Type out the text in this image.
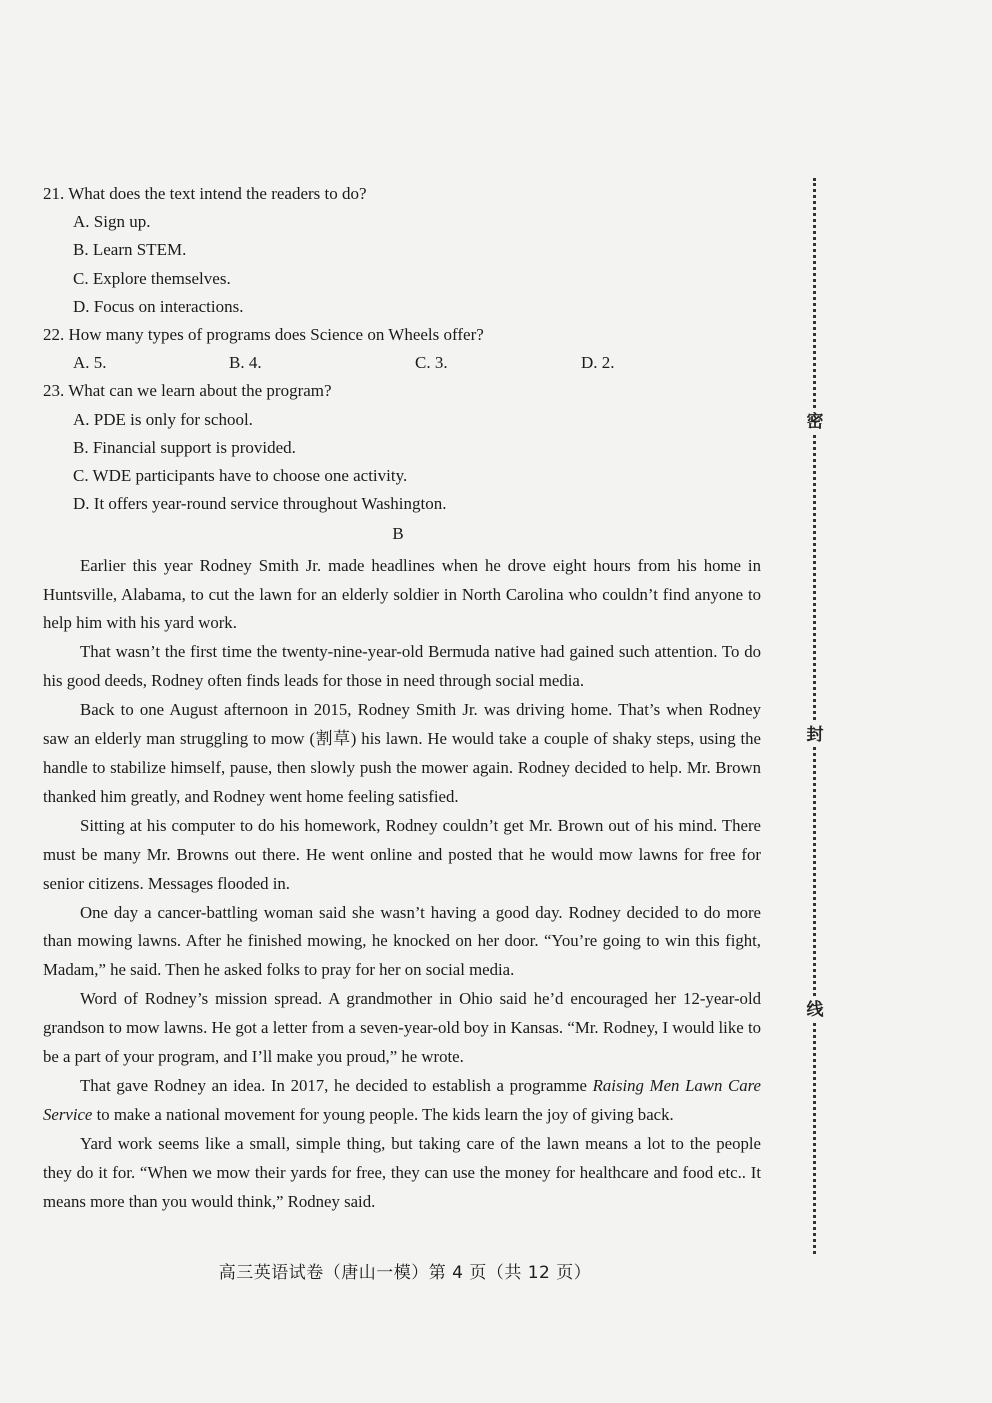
21. What does the text intend the readers to do?

A. Sign up.

B. Learn STEM.

C. Explore themselves.

D. Focus on interactions.

22. How many types of programs does Science on Wheels offer?

A. 5.	B. 4.	C. 3.	D. 2.

23. What can we learn about the program?

A. PDE is only for school.

B. Financial support is provided.

C. WDE participants have to choose one activity.

D. It offers year-round service throughout Washington.

B

Earlier this year Rodney Smith Jr. made headlines when he drove eight hours from his home in Huntsville, Alabama, to cut the lawn for an elderly soldier in North Carolina who couldn’t find anyone to help him with his yard work.

That wasn’t the first time the twenty-nine-year-old Bermuda native had gained such attention. To do his good deeds, Rodney often finds leads for those in need through social media.

Back to one August afternoon in 2015, Rodney Smith Jr. was driving home. That’s when Rodney saw an elderly man struggling to mow (割草) his lawn. He would take a couple of shaky steps, using the handle to stabilize himself, pause, then slowly push the mower again. Rodney decided to help. Mr. Brown thanked him greatly, and Rodney went home feeling satisfied.

Sitting at his computer to do his homework, Rodney couldn’t get Mr. Brown out of his mind. There must be many Mr. Browns out there. He went online and posted that he would mow lawns for free for senior citizens. Messages flooded in.

One day a cancer-battling woman said she wasn’t having a good day. Rodney decided to do more than mowing lawns. After he finished mowing, he knocked on her door. “You’re going to win this fight, Madam,” he said. Then he asked folks to pray for her on social media.

Word of Rodney’s mission spread. A grandmother in Ohio said he’d encouraged her 12-year-old grandson to mow lawns. He got a letter from a seven-year-old boy in Kansas. “Mr. Rodney, I would like to be a part of your program, and I’ll make you proud,” he wrote.

That gave Rodney an idea. In 2017, he decided to establish a programme Raising Men Lawn Care Service to make a national movement for young people. The kids learn the joy of giving back.

Yard work seems like a small, simple thing, but taking care of the lawn means a lot to the people they do it for. “When we mow their yards for free, they can use the money for healthcare and food etc.. It means more than you would think,” Rodney said.

高三英语试卷（唐山一模）第 4 页（共 12 页）
密
封
线
